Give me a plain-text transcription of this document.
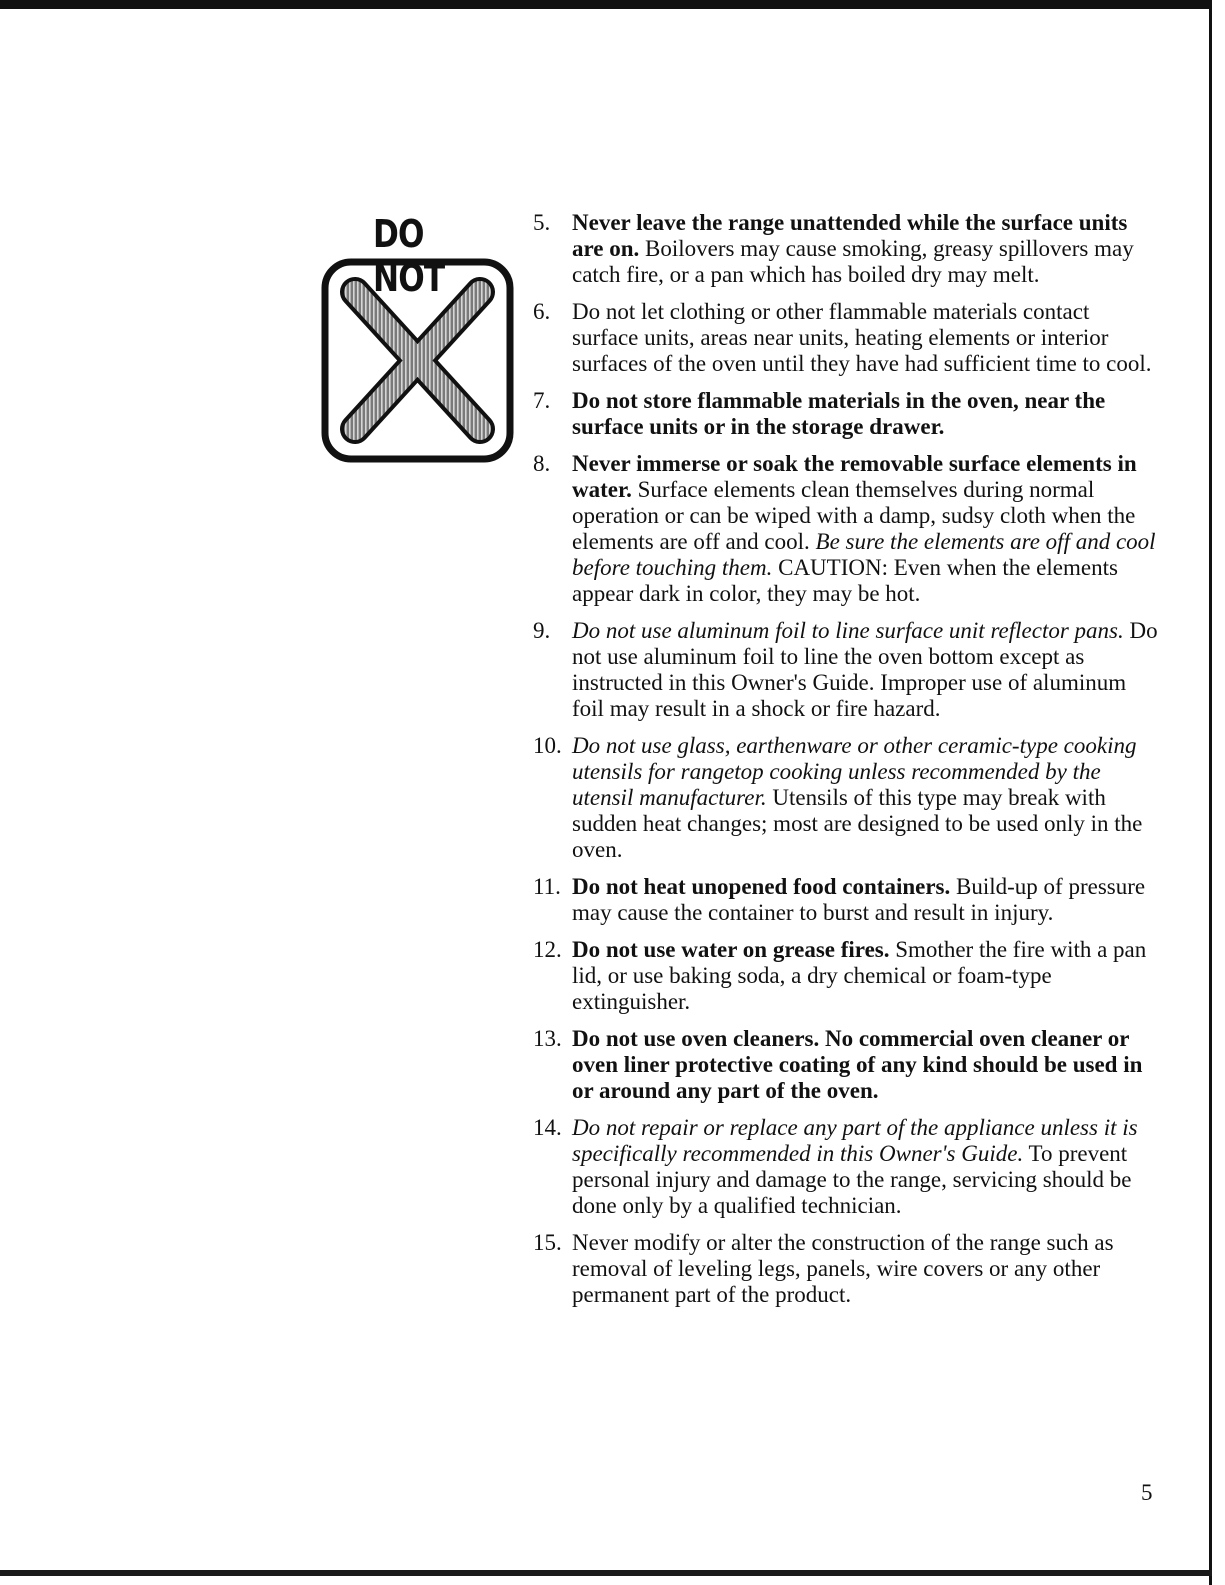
DO NOT
5. Never leave the range unattended while the surface units are on. Boilovers may cause smoking, greasy spillovers may catch fire, or a pan which has boiled dry may melt.
6. Do not let clothing or other flammable materials contact surface units, areas near units, heating elements or interior surfaces of the oven until they have had sufficient time to cool.
7. Do not store flammable materials in the oven, near the surface units or in the storage drawer.
8. Never immerse or soak the removable surface elements in water. Surface elements clean themselves during normal operation or can be wiped with a damp, sudsy cloth when the elements are off and cool. Be sure the elements are off and cool before touching them. CAUTION: Even when the elements appear dark in color, they may be hot.
9. Do not use aluminum foil to line surface unit reflector pans. Do not use aluminum foil to line the oven bottom except as instructed in this Owner's Guide. Improper use of aluminum foil may result in a shock or fire hazard.
10. Do not use glass, earthenware or other ceramic-type cooking utensils for rangetop cooking unless recommended by the utensil manufacturer. Utensils of this type may break with sudden heat changes; most are designed to be used only in the oven.
11. Do not heat unopened food containers. Build-up of pressure may cause the container to burst and result in injury.
12. Do not use water on grease fires. Smother the fire with a pan lid, or use baking soda, a dry chemical or foam-type extinguisher.
13. Do not use oven cleaners. No commercial oven cleaner or oven liner protective coating of any kind should be used in or around any part of the oven.
14. Do not repair or replace any part of the appliance unless it is specifically recommended in this Owner's Guide. To prevent personal injury and damage to the range, servicing should be done only by a qualified technician.
15. Never modify or alter the construction of the range such as removal of leveling legs, panels, wire covers or any other permanent part of the product.
5
